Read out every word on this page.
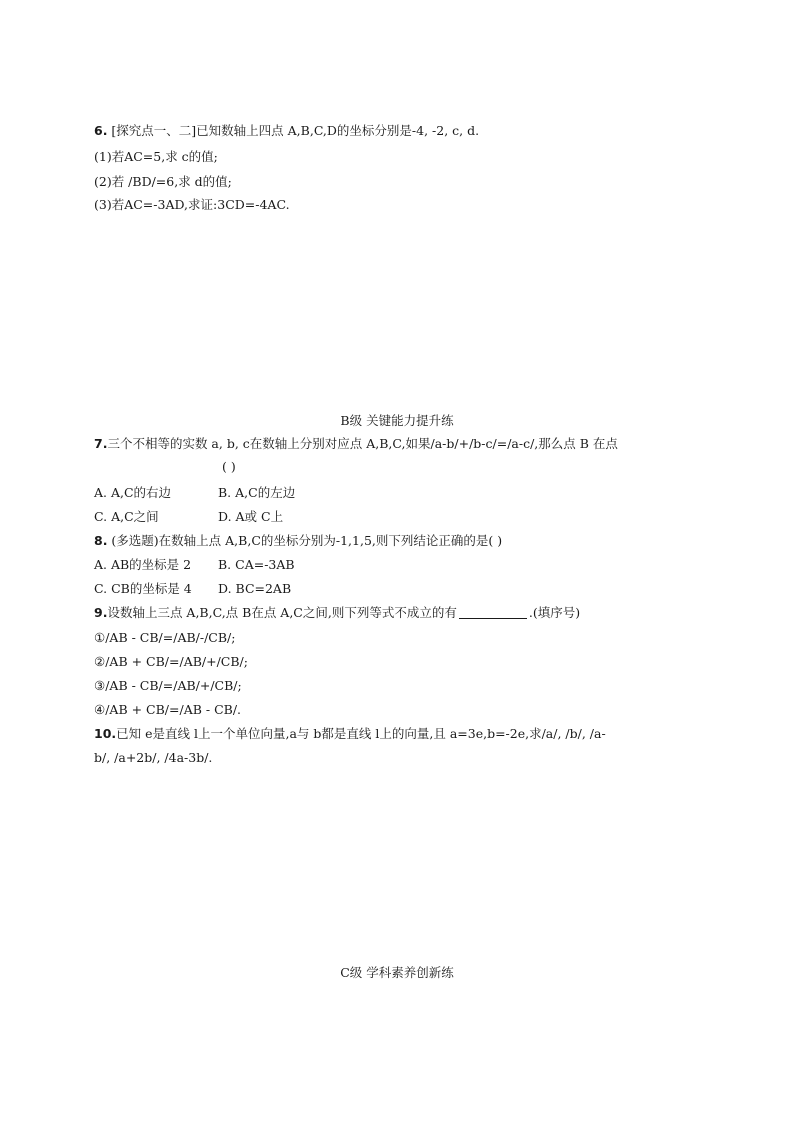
6. [探究点一、二]已知数轴上四点 A,B,C,D的坐标分别是-4, -2, c, d.
(1)若AC=5,求 c的值;
(2)若 /BD/=6,求 d的值;
(3)若AC=-3AD,求证:3CD=-4AC.
B级 关键能力提升练
7.三个不相等的实数 a, b, c在数轴上分别对应点 A,B,C,如果/a-b/+/b-c/=/a-c/,那么点 B 在点
( )
A. A,C的右边	B. A,C的左边
C. A,C之间	D. A或 C上
8. (多选题)在数轴上点 A,B,C的坐标分别为-1,1,5,则下列结论正确的是( )
A. AB的坐标是 2 B. CA=-3AB
C. CB的坐标是 4 D. BC=2AB
9.设数轴上三点 A,B,C,点 B在点 A,C之间,则下列等式不成立的有	.(填序号)
①/AB - CB/=/AB/-/CB/;
②/AB + CB/=/AB/+/CB/;
③/AB - CB/=/AB/+/CB/;
④/AB + CB/=/AB - CB/.
10.已知 e是直线 l上一个单位向量,a与 b都是直线 l上的向量,且 a=3e,b=-2e,求/a/, /b/, /a-
b/, /a+2b/, /4a-3b/.
C级 学科素养创新练
